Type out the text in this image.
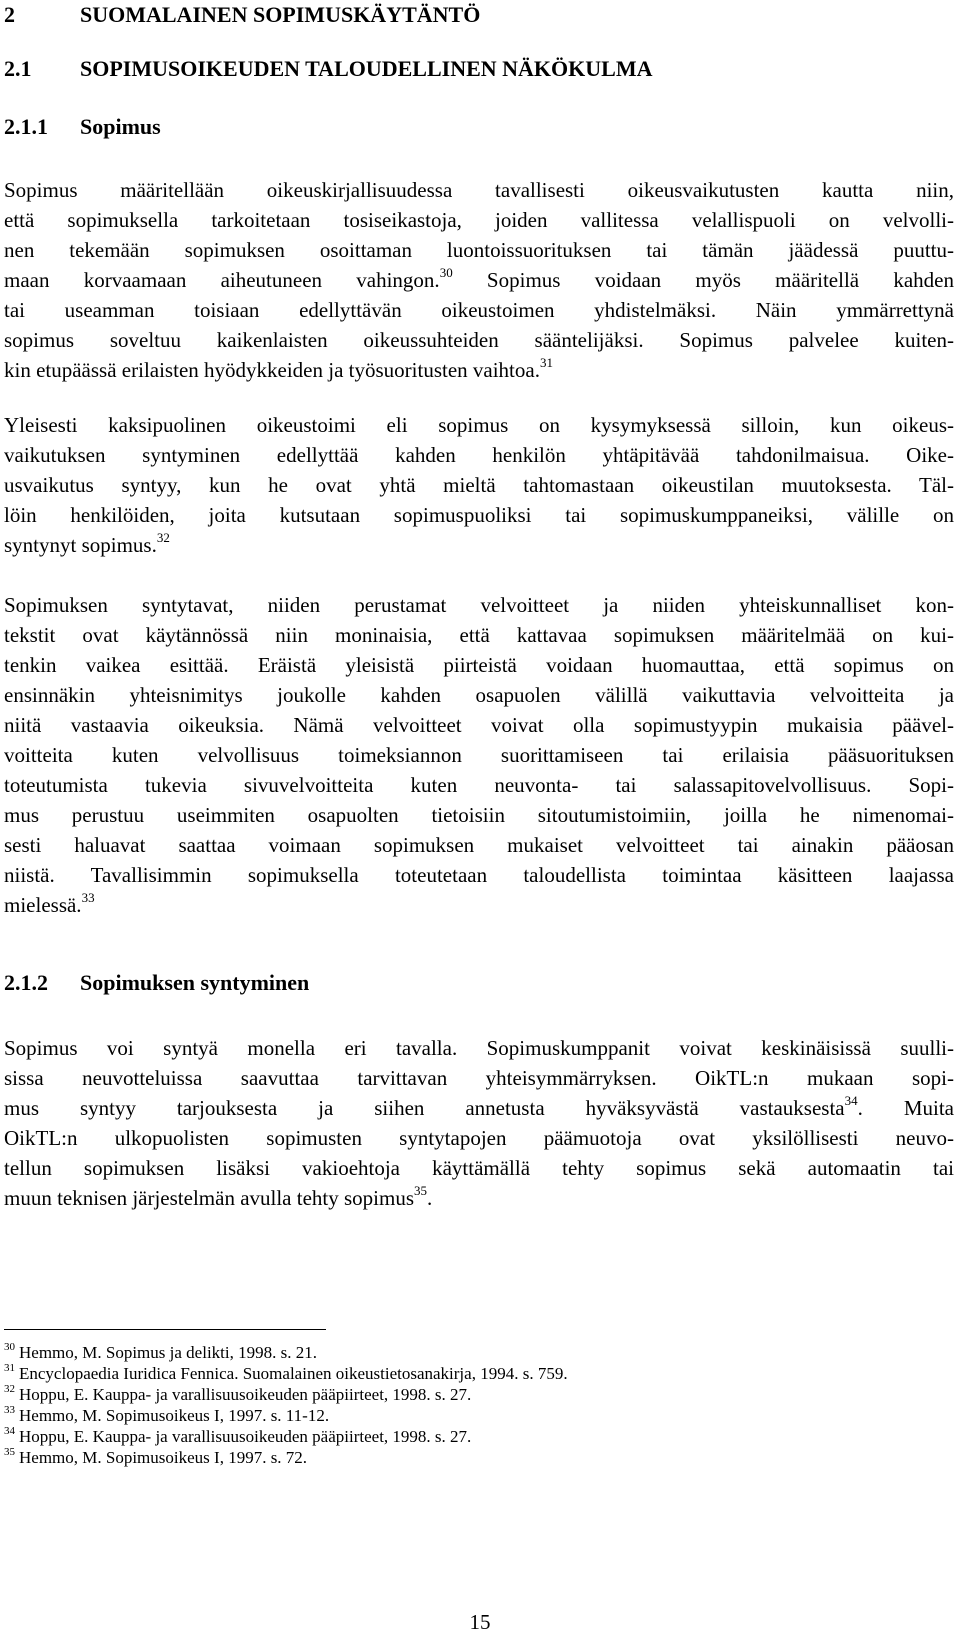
2	SUOMALAINEN SOPIMUSKÄYTÄNTÖ
2.1 SOPIMUSOIKEUDEN TALOUDELLINEN NÄKÖKULMA
2.1.1 Sopimus
Sopimus määritellään oikeuskirjallisuudessa tavallisesti oikeusvaikutusten kautta niin,
että sopimuksella tarkoitetaan tosiseikastoja, joiden vallitessa velallispuoli on velvolli-
nen tekemään sopimuksen osoittaman luontoissuorituksen tai tämän jäädessä puuttu-
maan korvaamaan aiheutuneen vahingon.$^{30}$ Sopimus voidaan myös määritellä kahden
tai useamman toisiaan edellyttävän oikeustoimen yhdistelmäksi. Näin ymmärrettynä
sopimus soveltuu kaikenlaisten oikeussuhteiden sääntelijäksi. Sopimus palvelee kuiten-
kin etupäässä erilaisten hyödykkeiden ja työsuoritusten vaihtoa.$^{31}$
Yleisesti kaksipuolinen oikeustoimi eli sopimus on kysymyksessä silloin, kun oikeus-
vaikutuksen syntyminen edellyttää kahden henkilön yhtäpitävää tahdonilmaisua. Oike-
usvaikutus syntyy, kun he ovat yhtä mieltä tahtomastaan oikeustilan muutoksesta. Täl-
löin henkilöiden, joita kutsutaan sopimuspuoliksi tai sopimuskumppaneiksi, välille on
syntynyt sopimus.$^{32}$
Sopimuksen syntytavat, niiden perustamat velvoitteet ja niiden yhteiskunnalliset kon-
tekstit ovat käytännössä niin moninaisia, että kattavaa sopimuksen määritelmää on kui-
tenkin vaikea esittää. Eräistä yleisistä piirteistä voidaan huomauttaa, että sopimus on
ensinnäkin yhteisnimitys joukolle kahden osapuolen välillä vaikuttavia velvoitteita ja
niitä vastaavia oikeuksia. Nämä velvoitteet voivat olla sopimustyypin mukaisia päävel-
voitteita kuten velvollisuus toimeksiannon suorittamiseen tai erilaisia pääsuorituksen
toteutumista tukevia sivuvelvoitteita kuten neuvonta- tai salassapitovelvollisuus. Sopi-
mus perustuu useimmiten osapuolten tietoisiin sitoutumistoimiin, joilla he nimenomai-
sesti haluavat saattaa voimaan sopimuksen mukaiset velvoitteet tai ainakin pääosan
niistä. Tavallisimmin sopimuksella toteutetaan taloudellista toimintaa käsitteen laajassa
mielessä.$^{33}$
2.1.2 Sopimuksen syntyminen
Sopimus voi syntyä monella eri tavalla. Sopimuskumppanit voivat keskinäisissä suulli-
sissa neuvotteluissa saavuttaa tarvittavan yhteisymmärryksen. OikTL:n mukaan sopi-
mus syntyy tarjouksesta ja siihen annetusta hyväksyvästä vastauksesta$^{34}$. Muita
OikTL:n ulkopuolisten sopimusten syntytapojen päämuotoja ovat yksilöllisesti neuvo-
tellun sopimuksen lisäksi vakioehtoja käyttämällä tehty sopimus sekä automaatin tai
muun teknisen järjestelmän avulla tehty sopimus$^{35}$.
$^{30}$ Hemmo, M. Sopimus ja delikti, 1998. s. 21.
$^{31}$ Encyclopaedia Iuridica Fennica. Suomalainen oikeustietosanakirja, 1994. s. 759.
$^{32}$ Hoppu, E. Kauppa- ja varallisuusoikeuden pääpiirteet, 1998. s. 27.
$^{33}$ Hemmo, M. Sopimusoikeus I, 1997. s. 11-12.
$^{34}$ Hoppu, E. Kauppa- ja varallisuusoikeuden pääpiirteet, 1998. s. 27.
$^{35}$ Hemmo, M. Sopimusoikeus I, 1997. s. 72.
15
